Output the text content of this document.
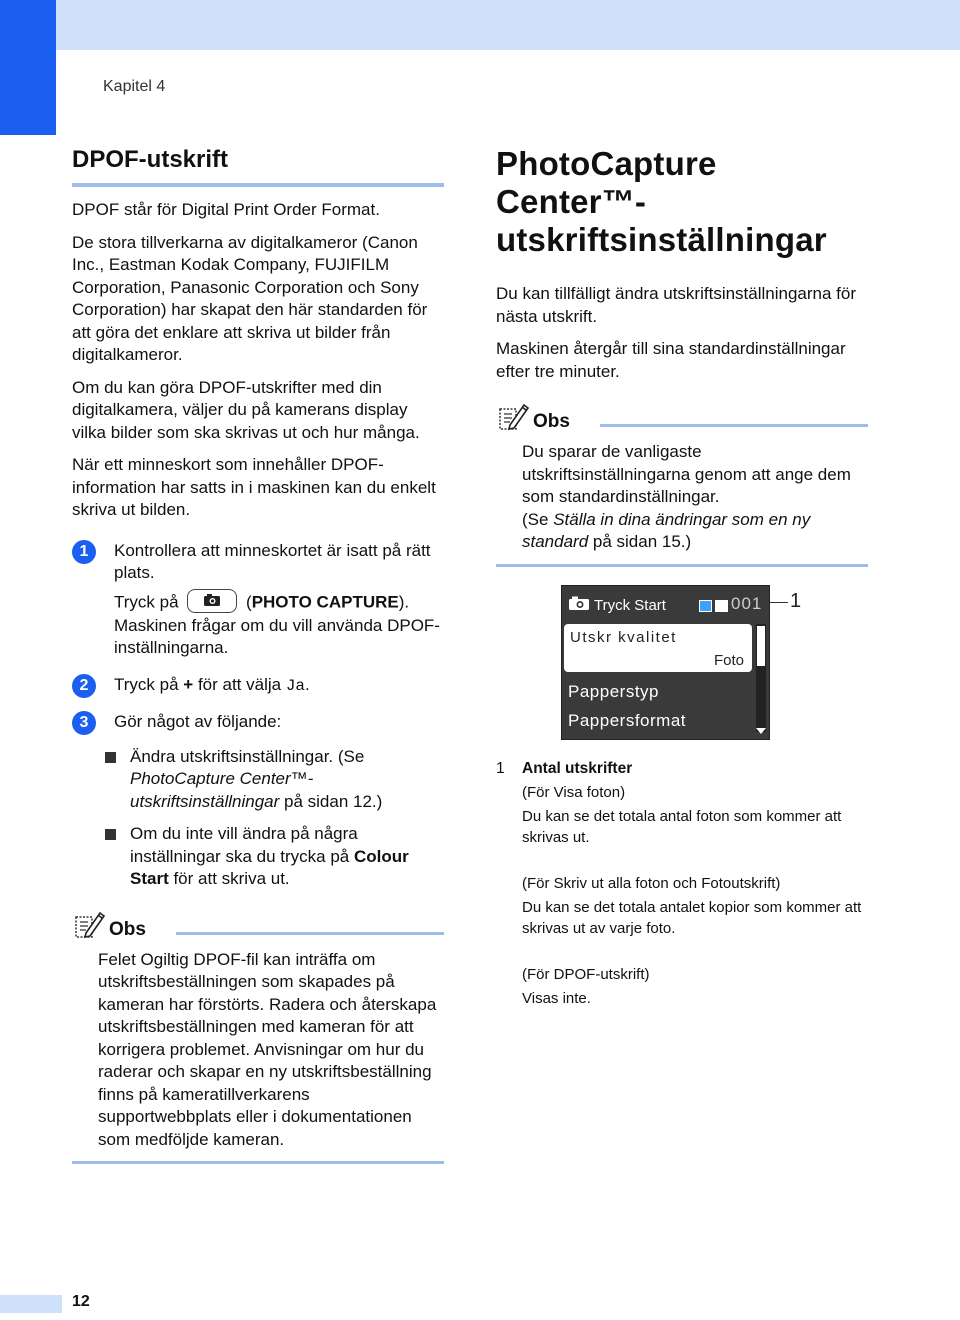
Kapitel 4
DPOF-utskrift

DPOF står för Digital Print Order Format.

De stora tillverkarna av digitalkameror (Canon Inc., Eastman Kodak Company, FUJIFILM Corporation, Panasonic Corporation och Sony Corporation) har skapat den här standarden för att göra det enklare att skriva ut bilder från digitalkameror.

Om du kan göra DPOF-utskrifter med din digitalkamera, väljer du på kamerans display vilka bilder som ska skrivas ut och hur många.

När ett minneskort som innehåller DPOF-information har satts in i maskinen kan du enkelt skriva ut bilden.

1	Kontrollera att minneskortet är isatt på rätt plats.

Tryck på	(PHOTO CAPTURE).

Maskinen frågar om du vill använda DPOF-inställningarna.

2	Tryck på + för att välja Ja.

3	Gör något av följande:

Ändra utskriftsinställningar. (Se PhotoCapture Center™-utskriftsinställningar på sidan 12.)

Om du inte vill ändra på några inställningar ska du trycka på Colour Start för att skriva ut.

Obs

Felet Ogiltig DPOF-fil kan inträffa om utskriftsbeställningen som skapades på kameran har förstörts. Radera och återskapa utskriftsbeställningen med kameran för att korrigera problemet. Anvisningar om hur du raderar och skapar en ny utskriftsbeställning finns på kameratillverkarens supportwebbplats eller i dokumentationen som medföljde kameran.

PhotoCapture Center™-utskriftsinställningar

Du kan tillfälligt ändra utskriftsinställningarna för nästa utskrift.

Maskinen återgår till sina standardinställningar efter tre minuter.

Obs

Du sparar de vanligaste utskriftsinställningarna genom att ange dem som standardinställningar.

(Se Ställa in dina ändringar som en ny standard på sidan 15.)

Tryck Start	001
Utskr kvalitet
Foto
Papperstyp
Pappersformat
1
1 Antal utskrifter
(För Visa foton)
Du kan se det totala antal foton som kommer att skrivas ut.
(För Skriv ut alla foton och Fotoutskrift)
Du kan se det totala antalet kopior som kommer att skrivas ut av varje foto.
(För DPOF-utskrift)
Visas inte.
12
